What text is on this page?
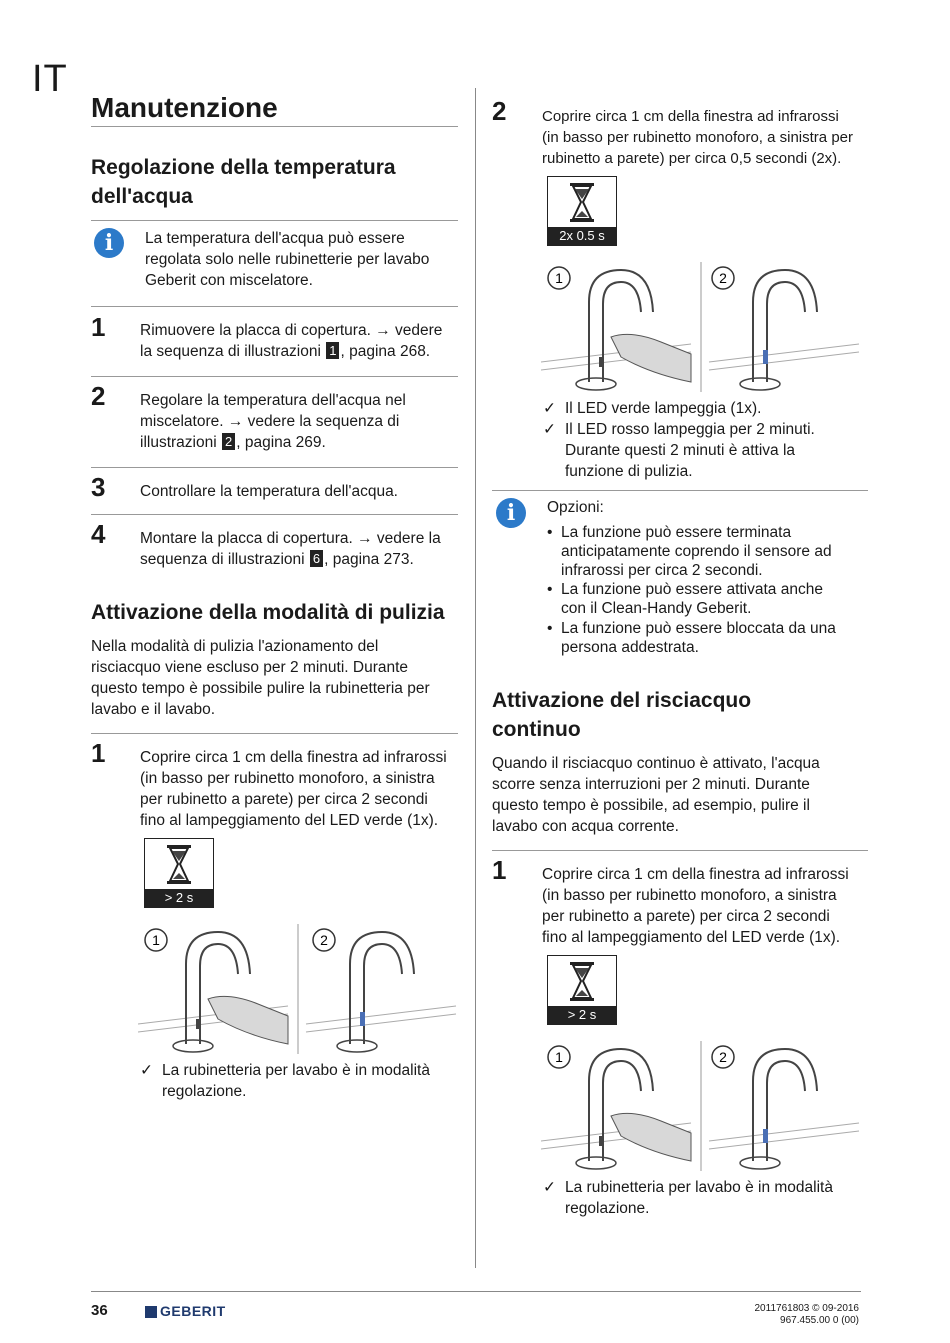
IT
Manutenzione
Regolazione della temperatura dell'acqua
i	La temperatura dell'acqua può essere
regolata solo nelle rubinetterie per lavabo
Geberit con miscelatore.
1 Rimuovere la placca di copertura. → vedere
la sequenza di illustrazioni 1 , pagina 268.
2 Regolare la temperatura dell'acqua nel
miscelatore. → vedere la sequenza di
illustrazioni 2 , pagina 269.
3 Controllare la temperatura dell'acqua.
4 Montare la placca di copertura. → vedere la
sequenza di illustrazioni 6 , pagina 273.
Attivazione della modalità di pulizia
Nella modalità di pulizia l'azionamento del
risciacquo viene escluso per 2 minuti. Durante
questo tempo è possibile pulire la rubinetteria per
lavabo e il lavabo.
1 Coprire circa 1 cm della finestra ad infrarossi
(in basso per rubinetto monoforo, a sinistra
per rubinetto a parete) per circa 2 secondi
fino al lampeggiamento del LED verde (1x).
> 2 s
1	2
✓ La rubinetteria per lavabo è in modalità
regolazione.
2 Coprire circa 1 cm della finestra ad infrarossi
(in basso per rubinetto monoforo, a sinistra per
rubinetto a parete) per circa 0,5 secondi (2x).
2x 0.5 s
1	2
✓ Il LED verde lampeggia (1x).
✓ Il LED rosso lampeggia per 2 minuti.
Durante questi 2 minuti è attiva la
funzione di pulizia.
i	Opzioni:
• La funzione può essere terminata
anticipatamente coprendo il sensore ad
infrarossi per circa 2 secondi.
• La funzione può essere attivata anche
con il Clean-Handy Geberit.
• La funzione può essere bloccata da una
persona addestrata.
Attivazione del risciacquo
continuo
Quando il risciacquo continuo è attivato, l'acqua
scorre senza interruzioni per 2 minuti. Durante
questo tempo è possibile, ad esempio, pulire il
lavabo con acqua corrente.
1 Coprire circa 1 cm della finestra ad infrarossi
(in basso per rubinetto monoforo, a sinistra
per rubinetto a parete) per circa 2 secondi
fino al lampeggiamento del LED verde (1x).
> 2 s
1	2
✓ La rubinetteria per lavabo è in modalità
regolazione.
36	GEBERIT	2011761803 © 09-2016
967.455.00 0 (00)
